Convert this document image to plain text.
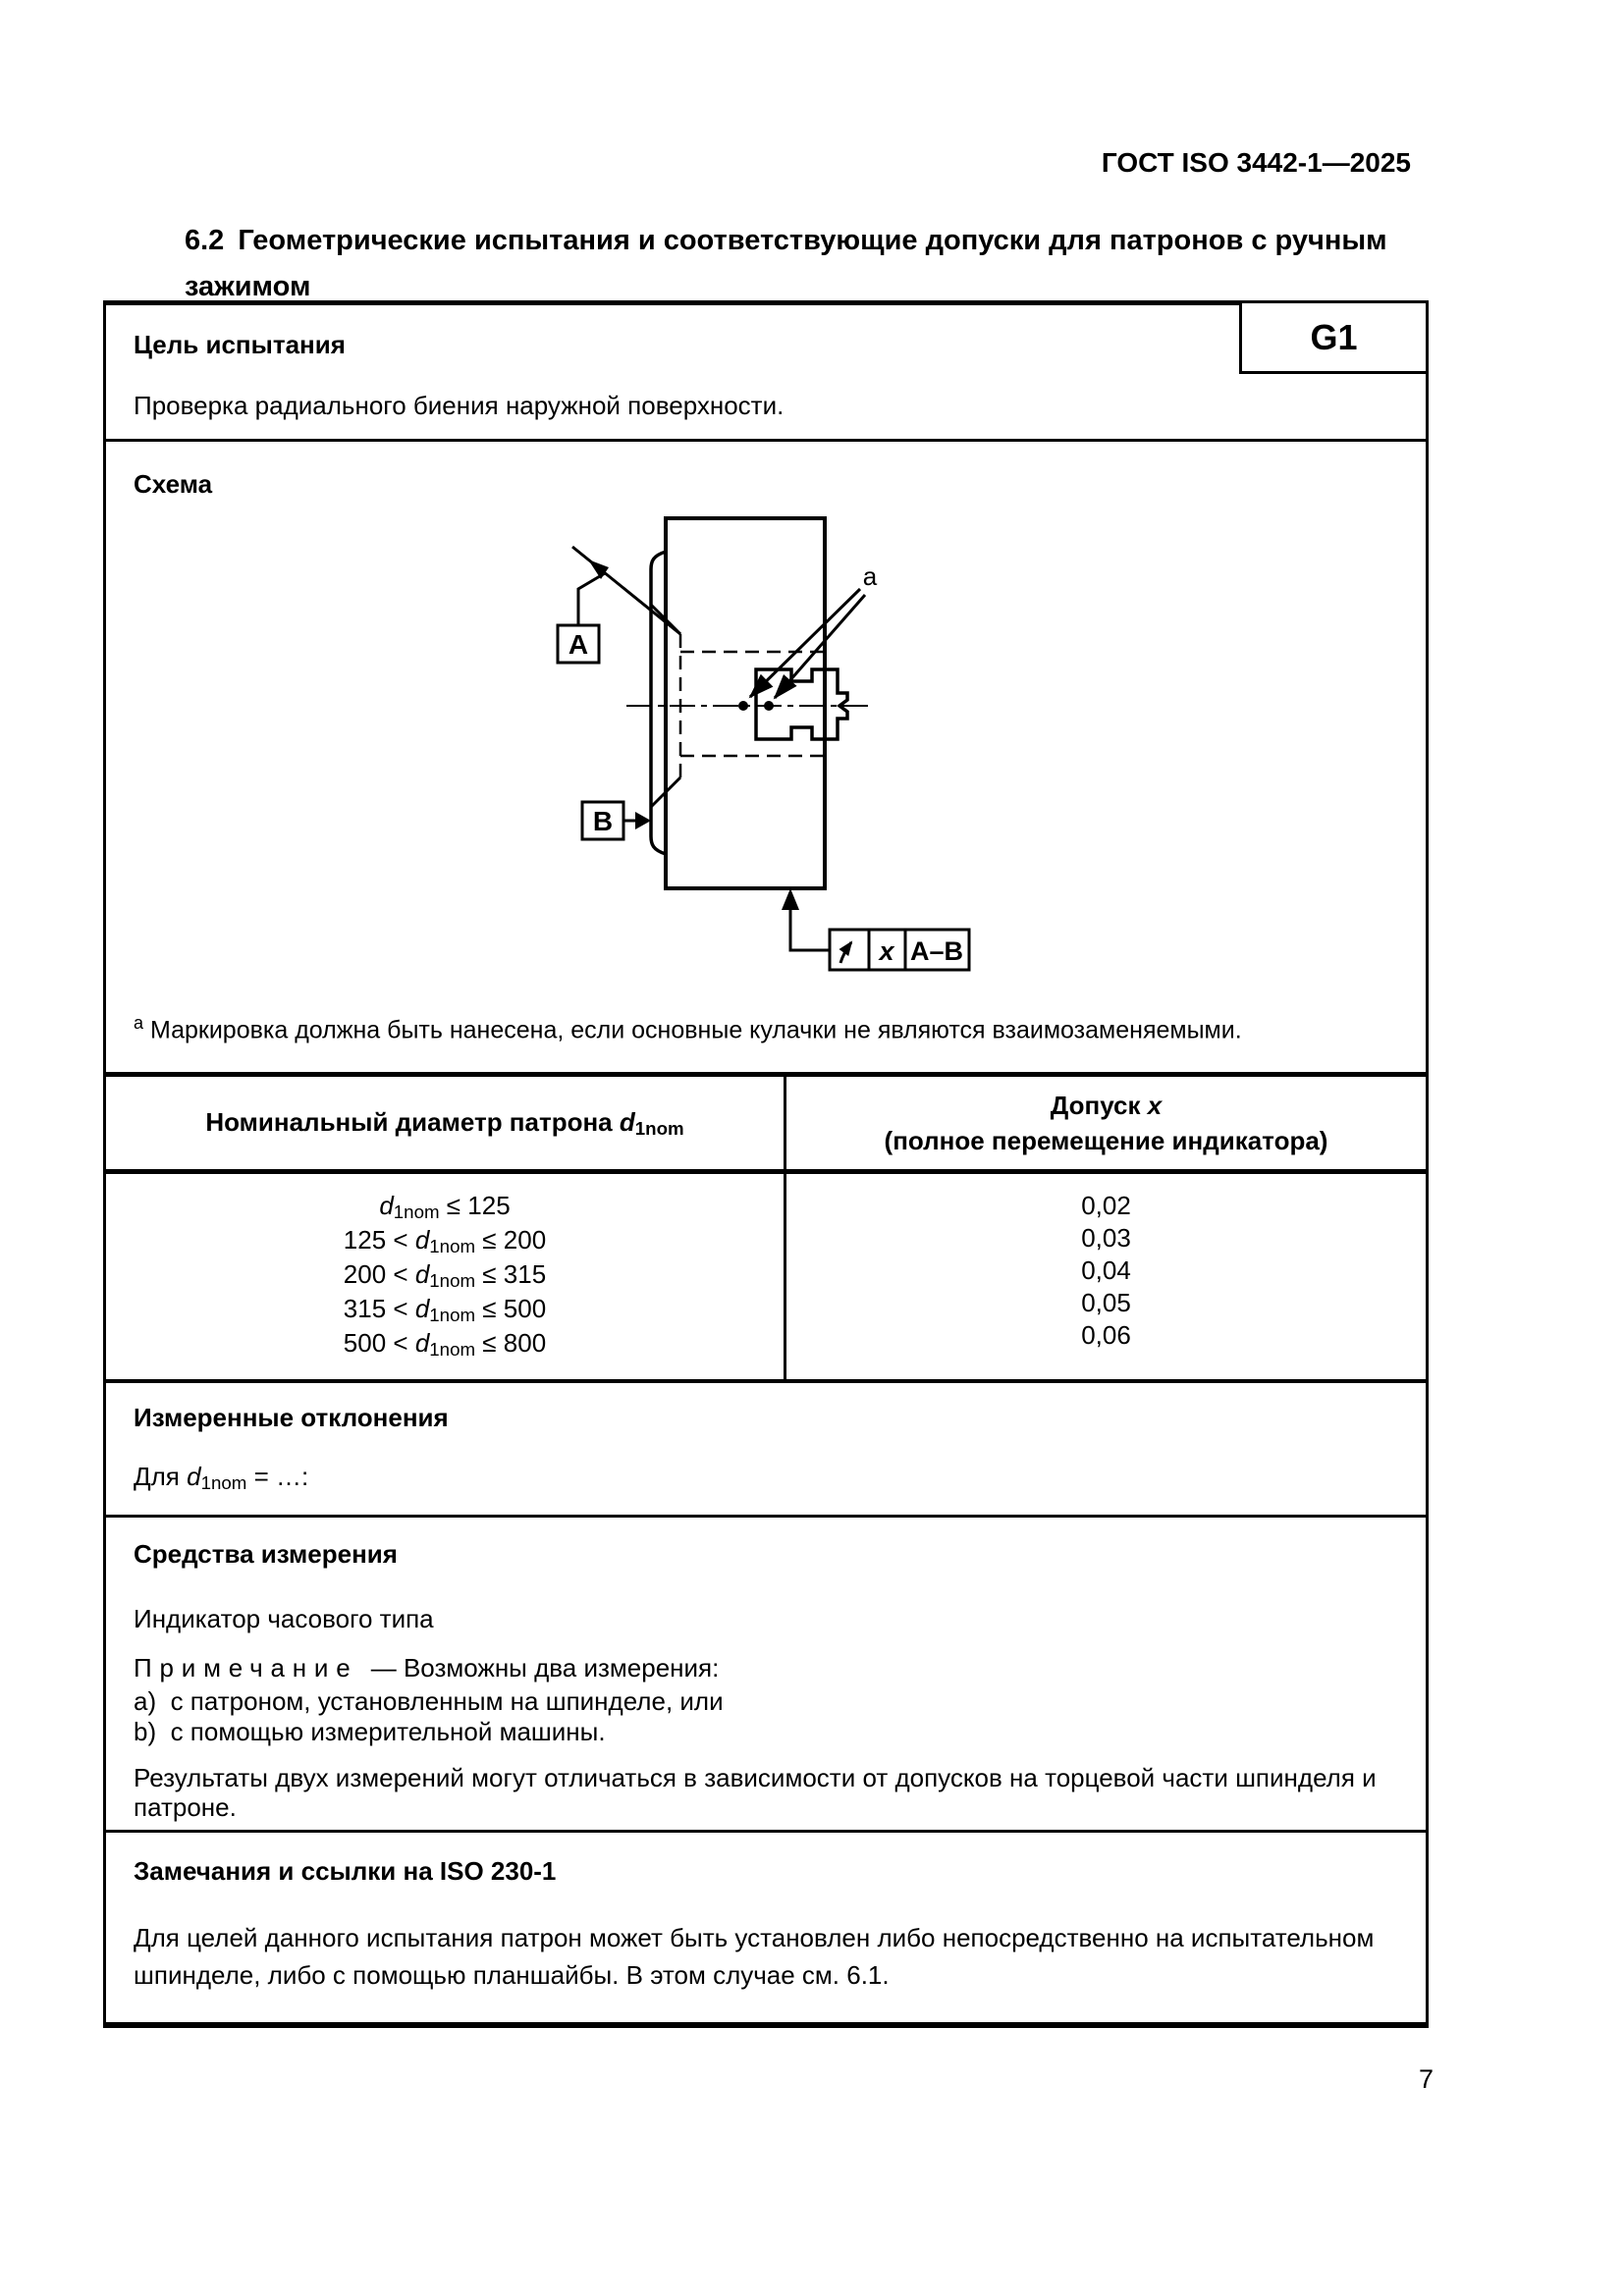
ГОСТ ISO 3442-1—2025
6.2 Геометрические испытания и соответствующие допуски для патронов с ручным зажимом
Цель испытания	G1
Проверка радиального биения наружной поверхности.
Схема
a
A
B
x A–B
$^a$ Маркировка должна быть нанесена, если основные кулачки не являются взаимозаменяемыми.
Номинальный диаметр патрона $d_{1nom}$
$d_{1nom} \le 125$
$125 < d_{1nom} \le 200$
$200 < d_{1nom} \le 315$
$315 < d_{1nom} \le 500$
$500 < d_{1nom} \le 800$
Допуск x
(полное перемещение индикатора)
0,02
0,03
0,04
0,05
0,06
Измеренные отклонения
Для $d_{1nom}$ = …:
Средства измерения
Индикатор часового типа
Примечание — Возможны два измерения:
a)  с патроном, установленным на шпинделе, или
b)  с помощью измерительной машины.
Результаты двух измерений могут отличаться в зависимости от допусков на торцевой части шпинделя и патроне.
Замечания и ссылки на ISO 230-1
Для целей данного испытания патрон может быть установлен либо непосредственно на испытательном шпинделе, либо с помощью планшайбы. В этом случае см. 6.1.
7
